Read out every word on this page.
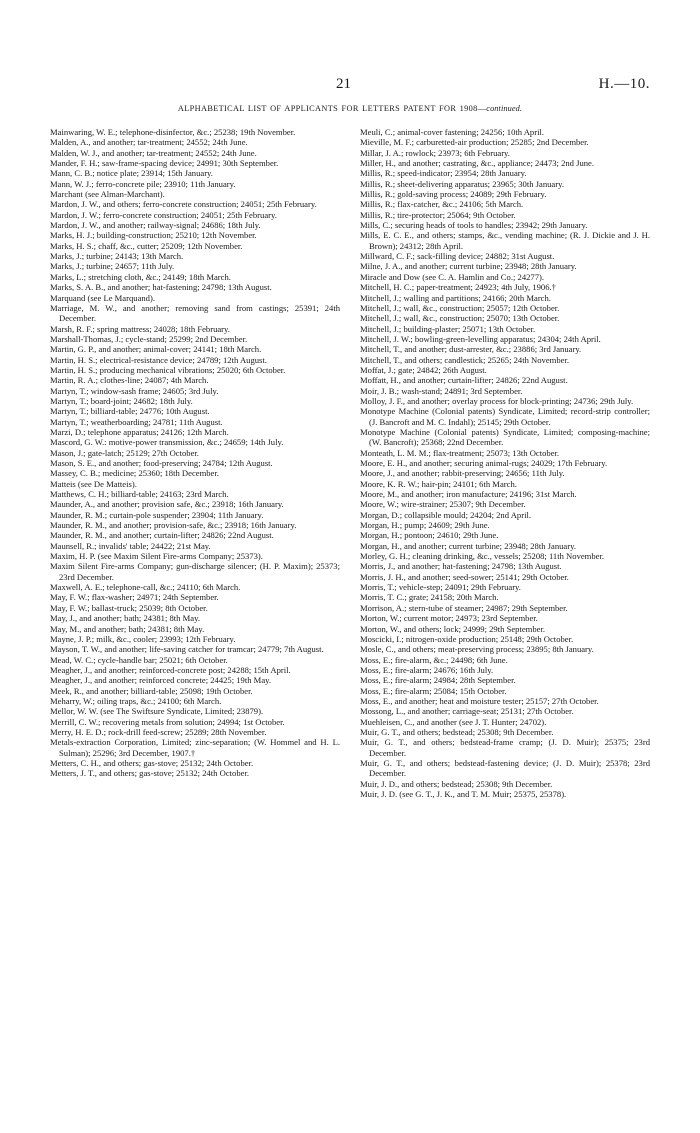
21	H.—10.
ALPHABETICAL LIST OF APPLICANTS FOR LETTERS PATENT FOR 1908—continued.

Mainwaring, W. E.; telephone-disinfector, &c.; 25238; 19th November.

Malden, A., and another; tar-treatment; 24552; 24th June.

Malden, W. J., and another; tar-treatment; 24552; 24th June.

Mander, F. H.; saw-frame-spacing device; 24991; 30th September.

Mann, C. B.; notice plate; 23914; 15th January.

Mann, W. J.; ferro-concrete pile; 23910; 11th January.

Marchant (see Alman-Marchant).

Mardon, J. W., and others; ferro-concrete construction; 24051; 25th February.

Mardon, J. W.; ferro-concrete construction; 24051; 25th February.

Mardon, J. W., and another; railway-signal; 24686; 18th July.

Marks, H. J.; building-construction; 25210; 12th November.

Marks, H. S.; chaff, &c., cutter; 25209; 12th November.

Marks, J.; turbine; 24143; 13th March.

Marks, J.; turbine; 24657; 11th July.

Marks, L.; stretching cloth, &c.; 24149; 18th March.

Marks, S. A. B., and another; hat-fastening; 24798; 13th August.

Marquand (see Le Marquand).

Marriage, M. W., and another; removing sand from castings; 25391; 24th December.

Marsh, R. F.; spring mattress; 24028; 18th February.

Marshall-Thomas, J.; cycle-stand; 25299; 2nd December.

Martin, G. P., and another; animal-cover; 24141; 18th March.

Martin, H. S.; electrical-resistance device; 24789; 12th August.

Martin, H. S.; producing mechanical vibrations; 25020; 6th October.

Martin, R. A.; clothes-line; 24087; 4th March.

Martyn, T.; window-sash frame; 24605; 3rd July.

Martyn, T.; board-joint; 24682; 18th July.

Martyn, T.; billiard-table; 24776; 10th August.

Martyn, T.; weatherboarding; 24781; 11th August.

Marzi, D.; telephone apparatus; 24126; 12th March.

Mascord, G. W.: motive-power transmission, &c.; 24659; 14th July.

Mason, J.; gate-latch; 25129; 27th October.

Mason, S. E., and another; food-preserving; 24784; 12th August.

Massey, C. B.; medicine; 25360; 18th December.

Matteis (see De Matteis).

Matthews, C. H.; billiard-table; 24163; 23rd March.

Maunder, A., and another; provision safe, &c.; 23918; 16th January.

Maunder, R. M.; curtain-pole suspender; 23904; 11th January.

Maunder, R. M., and another; provision-safe, &c.; 23918; 16th January.

Maunder, R. M., and another; curtain-lifter; 24826; 22nd August.

Maunsell, R.; invalids' table; 24422; 21st May.

Maxim, H. P. (see Maxim Silent Fire-arms Company; 25373).

Maxim Silent Fire-arms Company; gun-discharge silencer; (H. P. Maxim); 25373; 23rd December.

Maxwell, A. E.; telephone-call, &c.; 24110; 6th March.

May, F. W.; flax-washer; 24971; 24th September.

May, F. W.; ballast-truck; 25039; 8th October.

May, J., and another; bath; 24381; 8th May.

May, M., and another; bath; 24381; 8th May.

Mayne, J. P.; milk, &c., cooler; 23993; 12th February.

Mayson, T. W., and another; life-saving catcher for tramcar; 24779; 7th August.

Mead, W. C.; cycle-handle bar; 25021; 6th October.

Meagher, J., and another; reinforced-concrete post; 24288; 15th April.

Meagher, J., and another; reinforced concrete; 24425; 19th May.

Meek, R., and another; billiard-table; 25098; 19th October.

Meharry, W.; oiling traps, &c.; 24100; 6th March.

Mellor, W. W. (see The Swiftsure Syndicate, Limited; 23879).

Merrill, C. W.; recovering metals from solution; 24994; 1st October.

Merry, H. E. D.; rock-drill feed-screw; 25289; 28th November.

Metals-extraction Corporation, Limited; zinc-separation; (W. Hommel and H. L. Sulman); 25296; 3rd December, 1907.†

Metters, C. H., and others; gas-stove; 25132; 24th October.

Metters, J. T., and others; gas-stove; 25132; 24th October.

Meuli, C.; animal-cover fastening; 24256; 10th April.

Mieville, M. F.; carburetted-air production; 25285; 2nd December.

Millar, J. A.; rowlock; 23973; 6th February.

Miller, H., and another; castrating, &c., appliance; 24473; 2nd June.

Millis, R.; speed-indicator; 23954; 28th January.

Millis, R.; sheet-delivering apparatus; 23965; 30th January.

Millis, R.; gold-saving process; 24089; 29th February.

Millis, R.; flax-catcher, &c.; 24106; 5th March.

Millis, R.; tire-protector; 25064; 9th October.

Mills, C.; securing heads of tools to handles; 23942; 29th January.

Mills, E. C. E., and others; stamps, &c., vending machine; (R. J. Dickie and J. H. Brown); 24312; 28th April.

Millward, C. F.; sack-filling device; 24882; 31st August.

Milne, J. A., and another; current turbine; 23948; 28th January.

Miracle and Dow (see C. A. Hamlin and Co.; 24277).

Mitchell, H. C.; paper-treatment; 24923; 4th July, 1906.†

Mitchell, J.; walling and partitions; 24166; 20th March.

Mitchell, J.; wall, &c., construction; 25057; 12th October.

Mitchell, J.; wall, &c., construction; 25070; 13th October.

Mitchell, J.; building-plaster; 25071; 13th October.

Mitchell, J. W.; bowling-green-levelling apparatus; 24304; 24th April.

Mitchell, T., and another; dust-arrester, &c.; 23886; 3rd January.

Mitchell, T., and others; candlestick; 25265; 24th November.

Moffat, J.; gate; 24842; 26th August.

Moffatt, H., and another; curtain-lifter; 24826; 22nd August.

Moir, J. B.; wash-stand; 24891; 3rd September.

Molloy, J. F., and another; overlay process for block-printing; 24736; 29th July.

Monotype Machine (Colonial patents) Syndicate, Limited; record-strip controller; (J. Bancroft and M. C. Indahl); 25145; 29th October.

Monotype Machine (Colonial patents) Syndicate, Limited; composing-machine; (W. Bancroft); 25368; 22nd December.

Monteath, L. M. M.; flax-treatment; 25073; 13th October.

Moore, E. H., and another; securing animal-rugs; 24029; 17th February.

Moore, J., and another; rabbit-preserving; 24656; 11th July.

Moore, K. R. W.; hair-pin; 24101; 6th March.

Moore, M., and another; iron manufacture; 24196; 31st March.

Moore, W.; wire-strainer; 25307; 9th December.

Morgan, D.; collapsible mould; 24204; 2nd April.

Morgan, H.; pump; 24609; 29th June.

Morgan, H.; pontoon; 24610; 29th June.

Morgan, H., and another; current turbine; 23948; 28th January.

Morley, G. H.; cleaning drinking, &c., vessels; 25208; 11th November.

Morris, J., and another; hat-fastening; 24798; 13th August.

Morris, J. H., and another; seed-sower; 25141; 29th October.

Morris, T.; vehicle-step; 24091; 29th February.

Morris, T. C.; grate; 24158; 20th March.

Morrison, A.; stern-tube of steamer; 24987; 29th September.

Morton, W.; current motor; 24973; 23rd September.

Morton, W., and others; lock; 24999; 29th September.

Moscicki, I.; nitrogen-oxide production; 25148; 29th October.

Mosle, C., and others; meat-preserving process; 23895; 8th January.

Moss, E.; fire-alarm, &c.; 24498; 6th June.

Moss, E.; fire-alarm; 24676; 16th July.

Moss, E.; fire-alarm; 24984; 28th September.

Moss, E.; fire-alarm; 25084; 15th October.

Moss, E., and another; heat and moisture tester; 25157; 27th October.

Mossong, L., and another; carriage-seat; 25131; 27th October.

Muehleisen, C., and another (see J. T. Hunter; 24702).

Muir, G. T., and others; bedstead; 25308; 9th December.

Muir, G. T., and others; bedstead-frame cramp; (J. D. Muir); 25375; 23rd December.

Muir, G. T., and others; bedstead-fastening device; (J. D. Muir); 25378; 23rd December.

Muir, J. D., and others; bedstead; 25308; 9th December.

Muir, J. D. (see G. T., J. K., and T. M. Muir; 25375, 25378).
